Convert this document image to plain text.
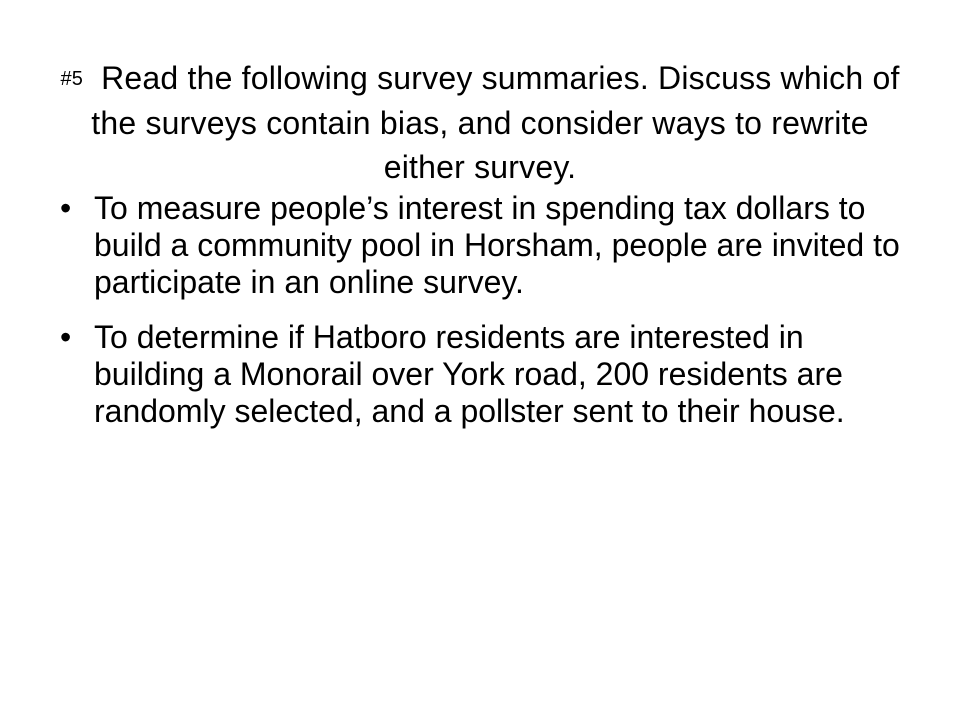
#5 Read the following survey summaries. Discuss which of the surveys contain bias, and consider ways to rewrite either survey.
• To measure people’s interest in spending tax dollars to build a community pool in Horsham, people are invited to participate in an online survey.
• To determine if Hatboro residents are interested in building a Monorail over York road, 200 residents are randomly selected, and a pollster sent to their house.
